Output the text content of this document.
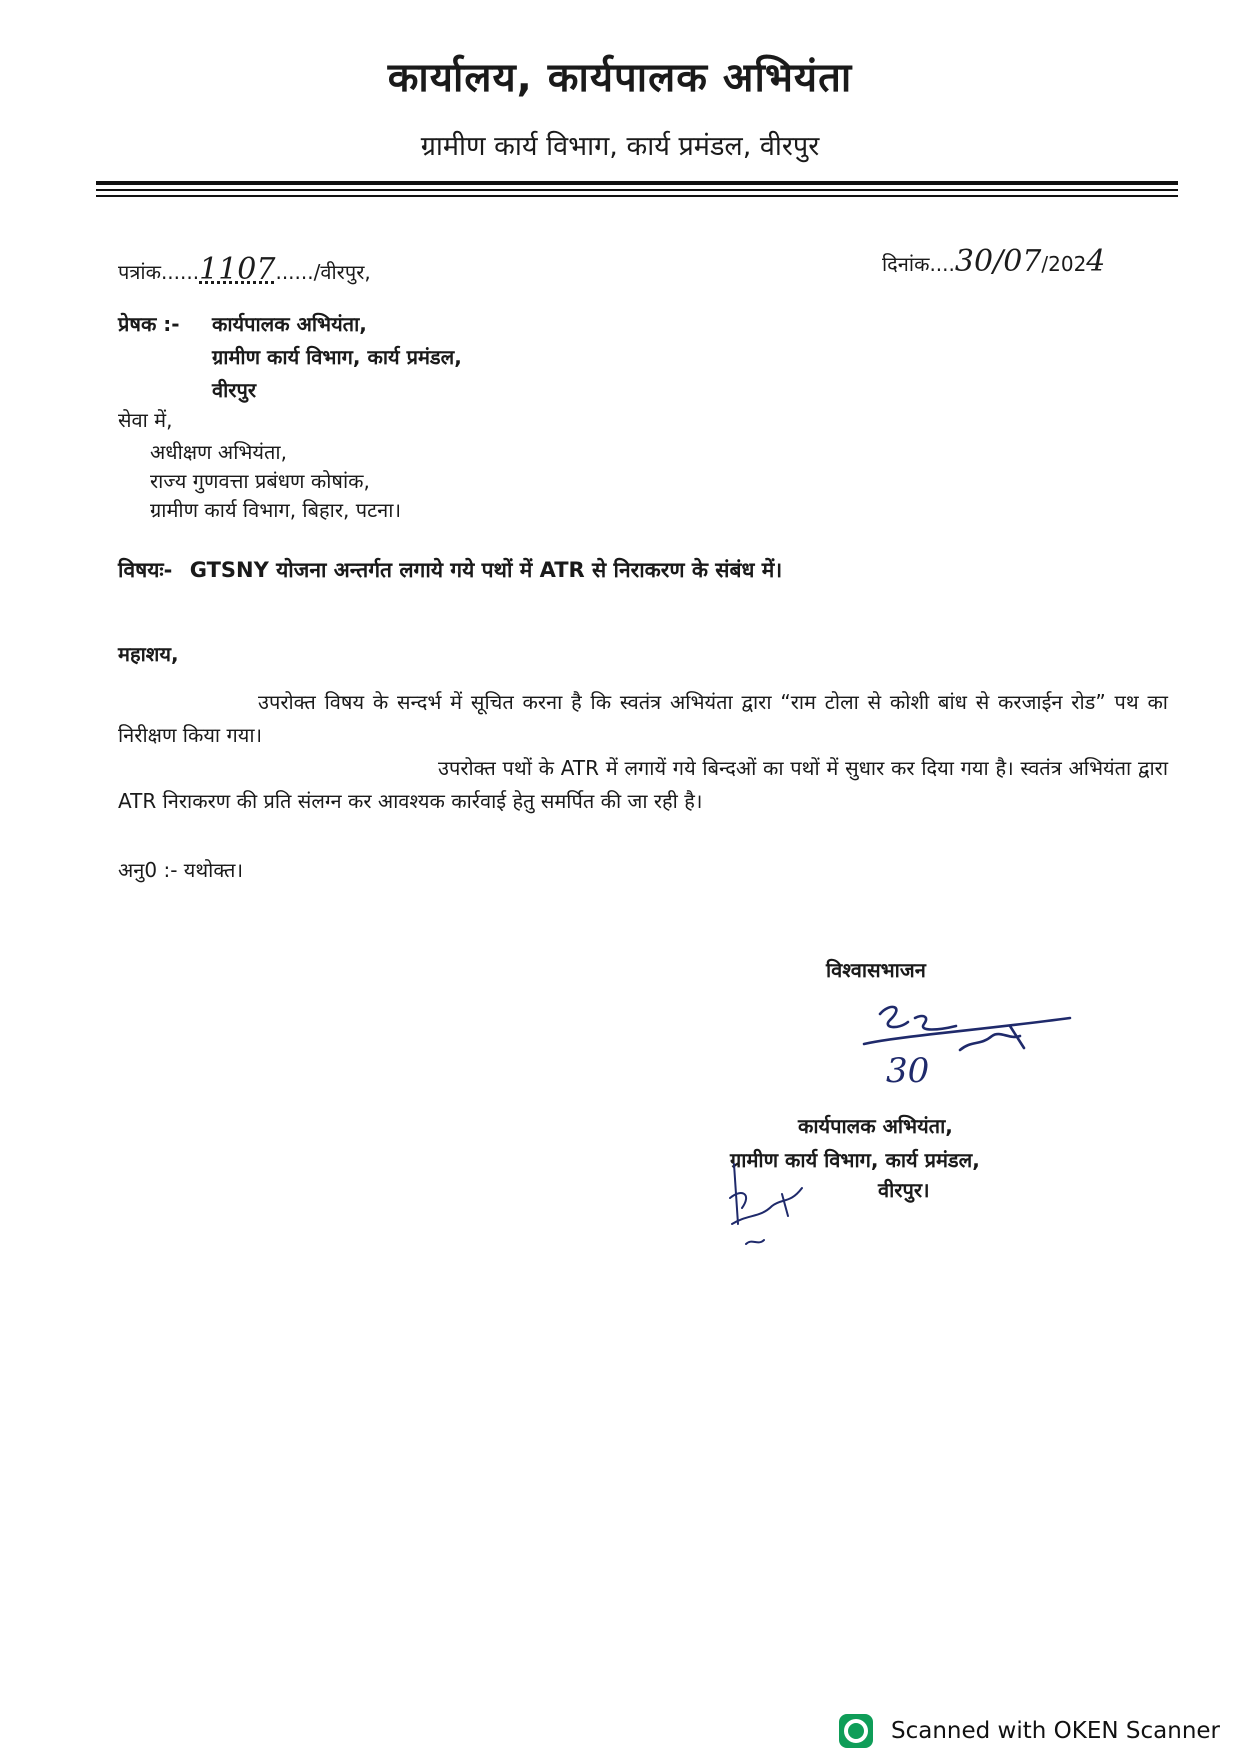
कार्यालय, कार्यपालक अभियंता
ग्रामीण कार्य विभाग, कार्य प्रमंडल, वीरपुर
पत्रांक......1107....../वीरपुर,	दिनांक....30/07/2024
प्रेषक :- कार्यपालक अभियंता,
ग्रामीण कार्य विभाग, कार्य प्रमंडल,
वीरपुर
सेवा में,
अधीक्षण अभियंता,
राज्य गुणवत्ता प्रबंधण कोषांक,
ग्रामीण कार्य विभाग, बिहार, पटना।
विषयः- GTSNY योजना अन्तर्गत लगाये गये पथों में ATR से निराकरण के संबंध में।
महाशय,
उपरोक्त विषय के सन्दर्भ में सूचित करना है कि स्वतंत्र अभियंता द्वारा “राम टोला से कोशी बांध से करजाईन रोड” पथ का निरीक्षण किया गया।
उपरोक्त पथों के ATR में लगायें गये बिन्दओं का पथों में सुधार कर दिया गया है। स्वतंत्र अभियंता द्वारा ATR निराकरण की प्रति संलग्न कर आवश्यक कार्रवाई हेतु समर्पित की जा रही है।
अनु0 :- यथोक्त।
विश्वासभाजन
30
कार्यपालक अभियंता,
ग्रामीण कार्य विभाग, कार्य प्रमंडल,
वीरपुर।
Scanned with OKEN Scanner
